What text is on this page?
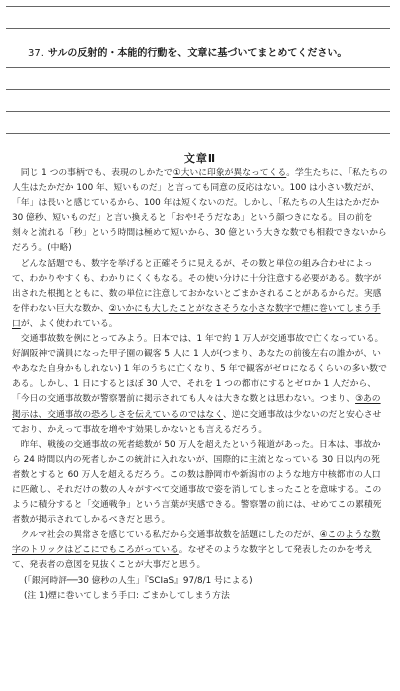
37. サルの反射的・本能的行動を、文章に基づいてまとめてください。
文章Ⅱ

同じ 1 つの事柄でも、表現のしかたで①大いに印象が異なってくる。学生たちに、「私たちの人生はたかだか 100 年、短いものだ」と言っても同意の反応はない。100 は小さい数だが、「年」は長いと感じているから、100 年は短くないのだ。しかし、「私たちの人生はたかだか 30 億秒、短いものだ」と言い換えると「おや!そうだなあ」という顔つきになる。目の前を刻々と流れる「秒」という時間は極めて短いから、30 億という大きな数でも相殺できないからだろう。(中略)

どんな話題でも、数字を挙げると正確そうに見えるが、その数と単位の組み合わせによって、わかりやすくも、わかりにくくもなる。その使い分けに十分注意する必要がある。数字が出された根拠とともに、数の単位に注意しておかないとごまかされることがあるからだ。実感を伴わない巨大な数か、②いかにも大したことがなさそうな小さな数字で煙に巻いてしまう手口が、よく使われている。

交通事故数を例にとってみよう。日本では、1 年で約 1 万人が交通事故で亡くなっている。好調阪神で満員になった甲子園の観客 5 人に 1 人が(つまり、あなたの前後左右の誰かが、いやあなた自身かもしれない) 1 年のうちに亡くなり、5 年で観客がゼロになるくらいの多い数である。しかし、1 日にするとほぼ 30 人で、それを 1 つの都市にするとゼロか 1 人だから、「今日の交通事故数が警察署前に掲示されても人々は大きな数とは思わない。つまり、③あの掲示は、交通事故の恐ろしさを伝えているのではなく、逆に交通事故は少ないのだと安心させており、かえって事故を増やす効果しかないとも言えるだろう。

昨年、戦後の交通事故の死者総数が 50 万人を超えたという報道があった。日本は、事故から 24 時間以内の死者しかこの統計に入れないが、国際的に主流となっている 30 日以内の死者数とすると 60 万人を超えるだろう。この数は静岡市や新潟市のような地方中核都市の人口に匹敵し、それだけの数の人々がすべて交通事故で姿を消してしまったことを意味する。このように積分すると「交通戦争」という言葉が実感できる。警察署の前には、せめてこの累積死者数が掲示されてしかるべきだと思う。

クルマ社会の異常さを感じている私だから交通事故数を話題にしたのだが、④このような数字のトリックはどこにでもころがっている。なぜそのような数字として発表したのかを考えて、発表者の意図を見抜くことが大事だと思う。

(「銀河時評──30 億秒の人生」『SCIaS』97/8/1 号による)

(注 1)煙に巻いてしまう手口: ごまかしてしまう方法
